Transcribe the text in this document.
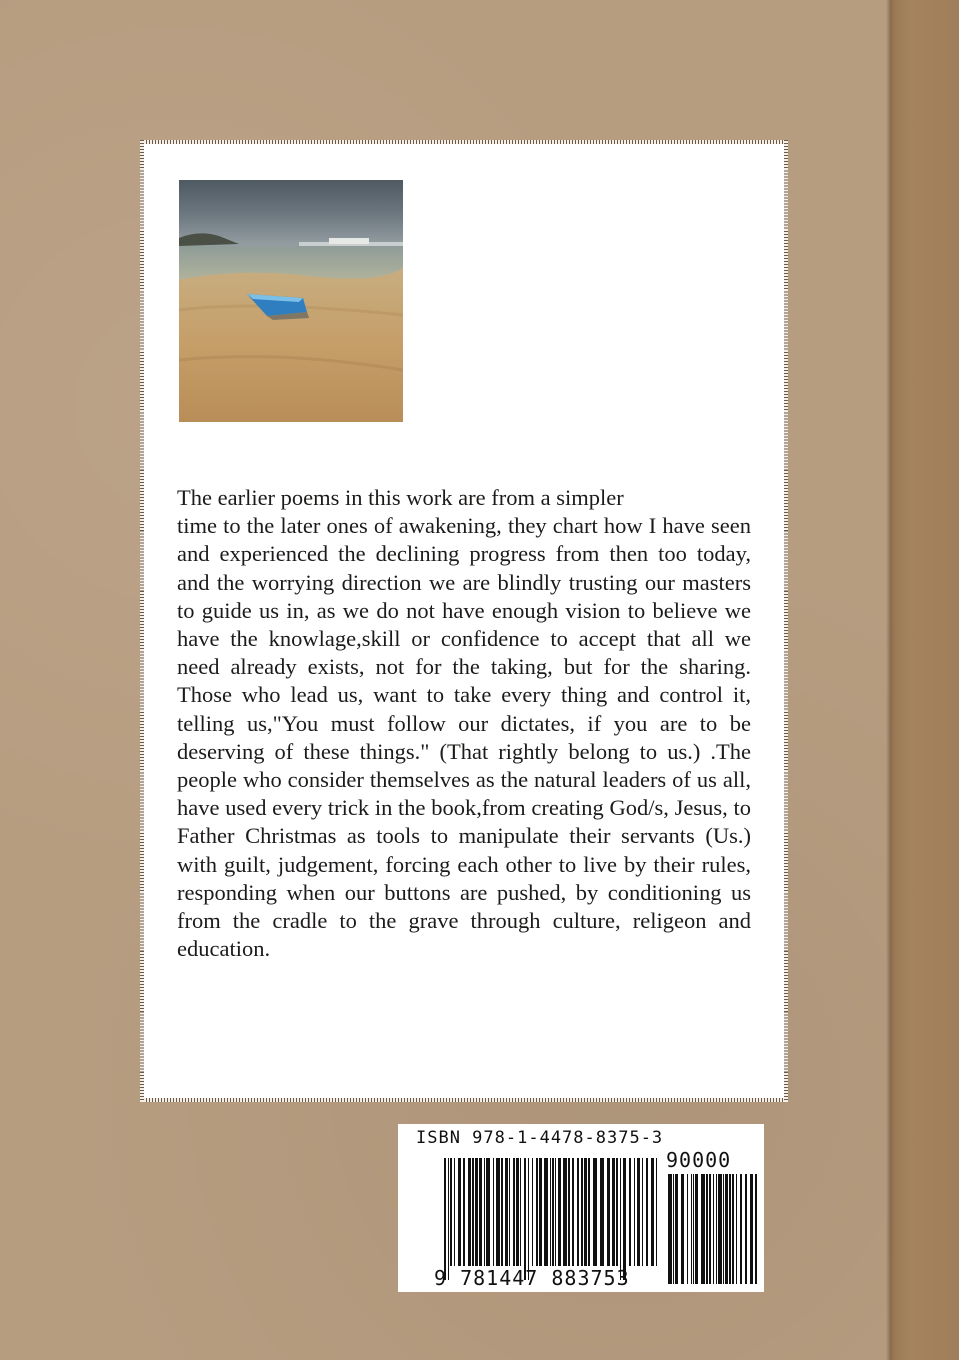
The earlier poems in this work are from a simpler
time to the later ones of awakening, they chart how I have seen and experienced the declining progress from then too today, and the worrying direction we are blindly trusting our masters to guide us in, as we do not have enough vision to believe we have the knowlage,skill or confidence to accept that all we need already exists, not for the taking, but for the sharing. Those who lead us, want to take every thing and control it, telling us,"You must follow our dictates, if you are to be deserving of these things." (That rightly belong to us.) .The people who consider themselves as the natural leaders of us all, have used every trick in the book,from creating God/s, Jesus, to Father Christmas as tools to manipulate their servants (Us.) with guilt, judgement, forcing each other to live by their rules, responding when our buttons are pushed, by conditioning us from the cradle to the grave through culture, religeon and education.
ISBN 978-1-4478-8375-3
90000
9 781447 883753
